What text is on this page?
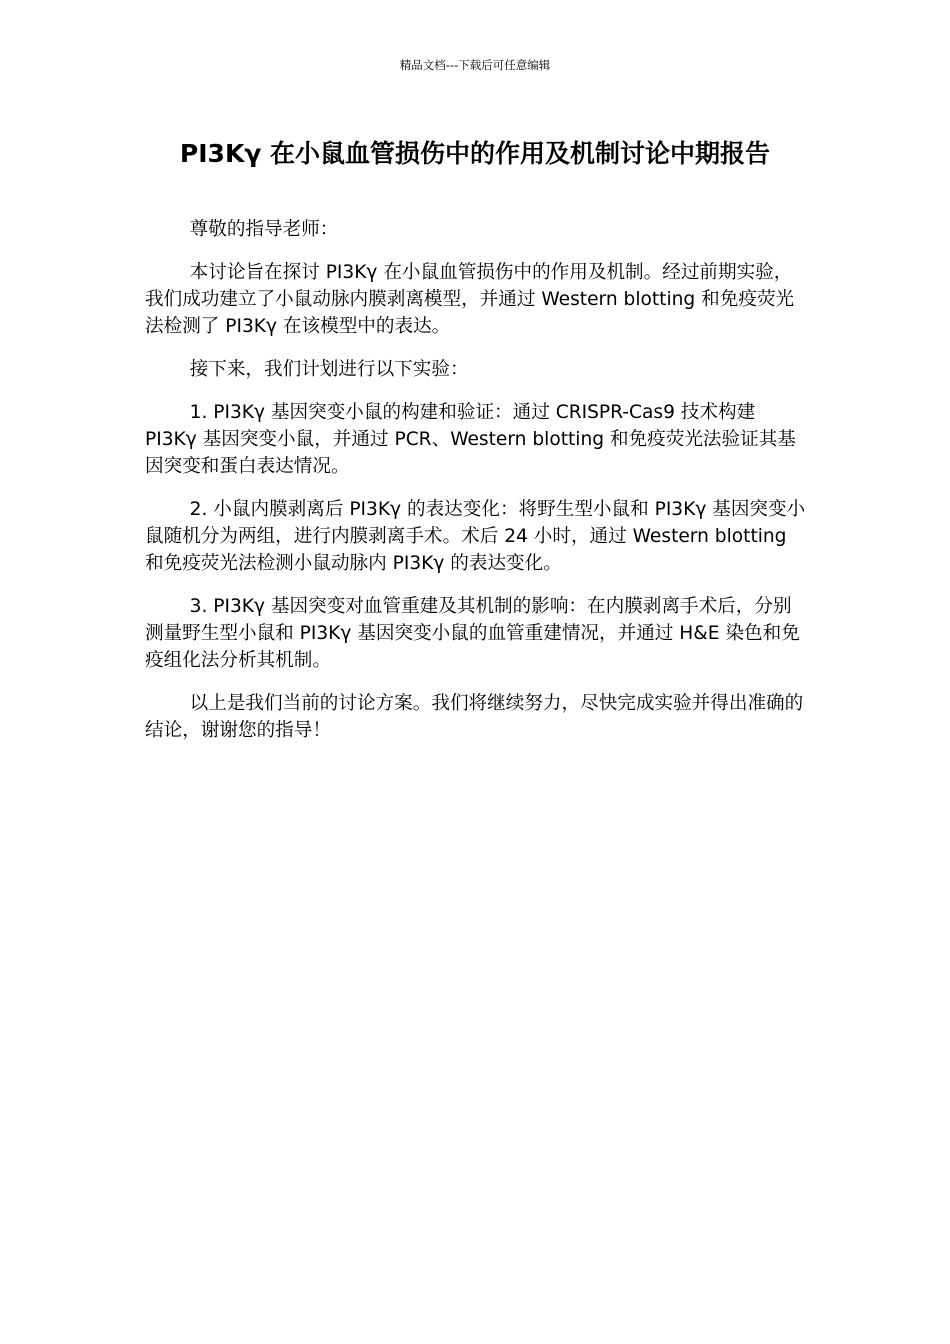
精品文档---下载后可任意编辑
PI3Kγ 在小鼠血管损伤中的作用及机制讨论中期报告

尊敬的指导老师：

本讨论旨在探讨 PI3Kγ 在小鼠血管损伤中的作用及机制。经过前期实验，我们成功建立了小鼠动脉内膜剥离模型，并通过 Western blotting 和免疫荧光法检测了 PI3Kγ 在该模型中的表达。

接下来，我们计划进行以下实验：

1. PI3Kγ 基因突变小鼠的构建和验证：通过 CRISPR-Cas9 技术构建 PI3Kγ 基因突变小鼠，并通过 PCR、Western blotting 和免疫荧光法验证其基因突变和蛋白表达情况。

2. 小鼠内膜剥离后 PI3Kγ 的表达变化：将野生型小鼠和 PI3Kγ 基因突变小鼠随机分为两组，进行内膜剥离手术。术后 24 小时，通过 Western blotting 和免疫荧光法检测小鼠动脉内 PI3Kγ 的表达变化。

3. PI3Kγ 基因突变对血管重建及其机制的影响：在内膜剥离手术后，分别测量野生型小鼠和 PI3Kγ 基因突变小鼠的血管重建情况，并通过 H&E 染色和免疫组化法分析其机制。

以上是我们当前的讨论方案。我们将继续努力，尽快完成实验并得出准确的结论，谢谢您的指导！
